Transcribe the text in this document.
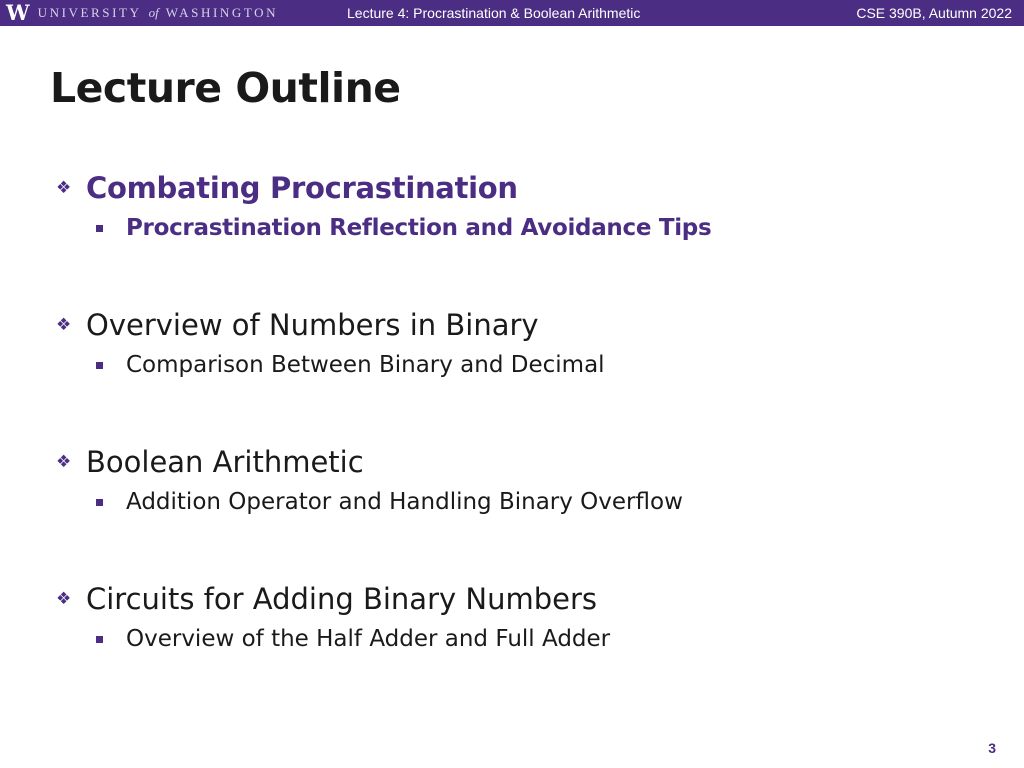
W UNIVERSITY of WASHINGTON	Lecture 4: Procrastination & Boolean Arithmetic	CSE 390B, Autumn 2022
Lecture Outline
❖ Combating Procrastination
Procrastination Reflection and Avoidance Tips
❖ Overview of Numbers in Binary
Comparison Between Binary and Decimal
❖ Boolean Arithmetic
Addition Operator and Handling Binary Overflow
❖ Circuits for Adding Binary Numbers
Overview of the Half Adder and Full Adder
3
